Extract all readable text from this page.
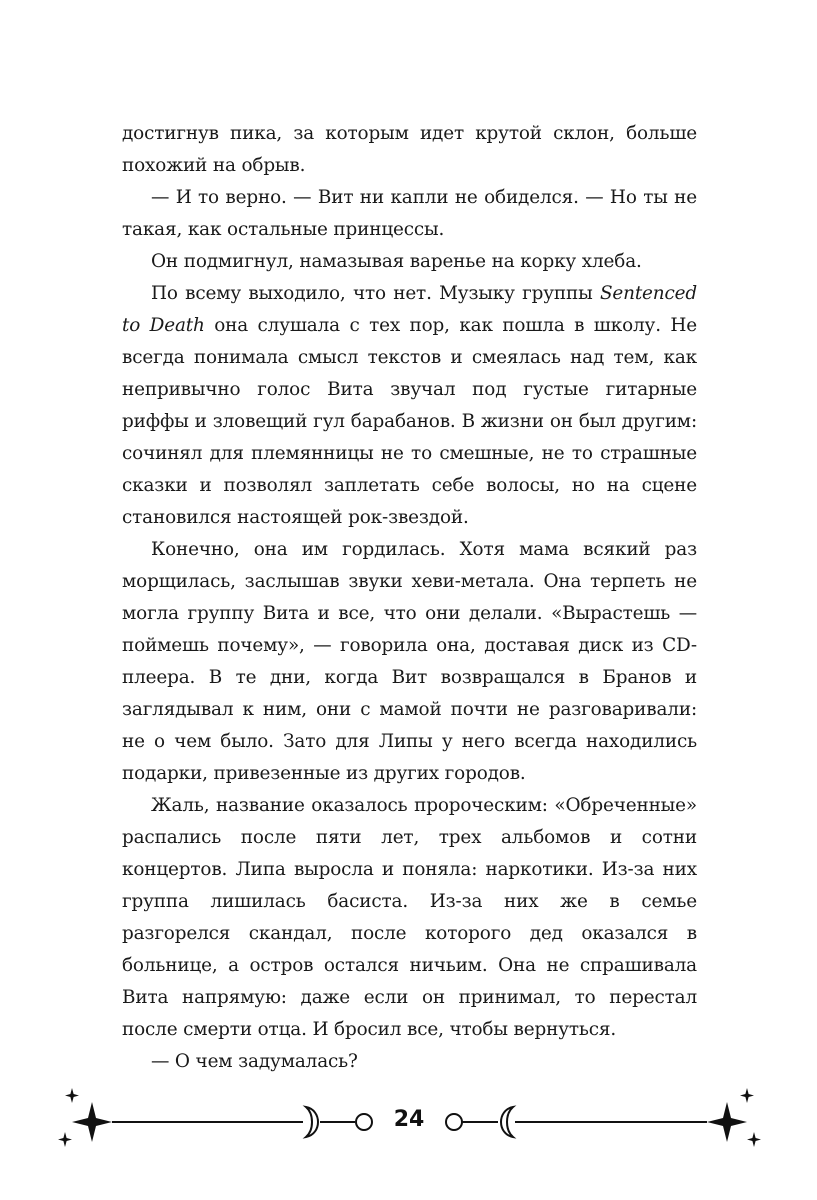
достигнув пика, за которым идет крутой склон, больше похожий на обрыв.

— И то верно. — Вит ни капли не обиделся. — Но ты не такая, как остальные принцессы.

Он подмигнул, намазывая варенье на корку хлеба.

По всему выходило, что нет. Музыку группы Sentenced to Death она слушала с тех пор, как пошла в школу. Не всегда понимала смысл текстов и смеялась над тем, как непривычно голос Вита звучал под густые гитарные риффы и зловещий гул барабанов. В жизни он был другим: сочинял для племянницы не то смешные, не то страшные сказки и позволял заплетать себе волосы, но на сцене становился настоящей рок-звездой.

Конечно, она им гордилась. Хотя мама всякий раз морщилась, заслышав звуки хеви-метала. Она терпеть не могла группу Вита и все, что они делали. «Вырастешь — поймешь почему», — говорила она, доставая диск из CD-плеера. В те дни, когда Вит возвращался в Бранов и заглядывал к ним, они с мамой почти не разговаривали: не о чем было. Зато для Липы у него всегда находились подарки, привезенные из других городов.

Жаль, название оказалось пророческим: «Обреченные» распались после пяти лет, трех альбомов и сотни концертов. Липа выросла и поняла: наркотики. Из-за них группа лишилась басиста. Из-за них же в семье разгорелся скандал, после которого дед оказался в больнице, а остров остался ничьим. Она не спрашивала Вита напрямую: даже если он принимал, то перестал после смерти отца. И бросил все, чтобы вернуться.

— О чем задумалась?

24
